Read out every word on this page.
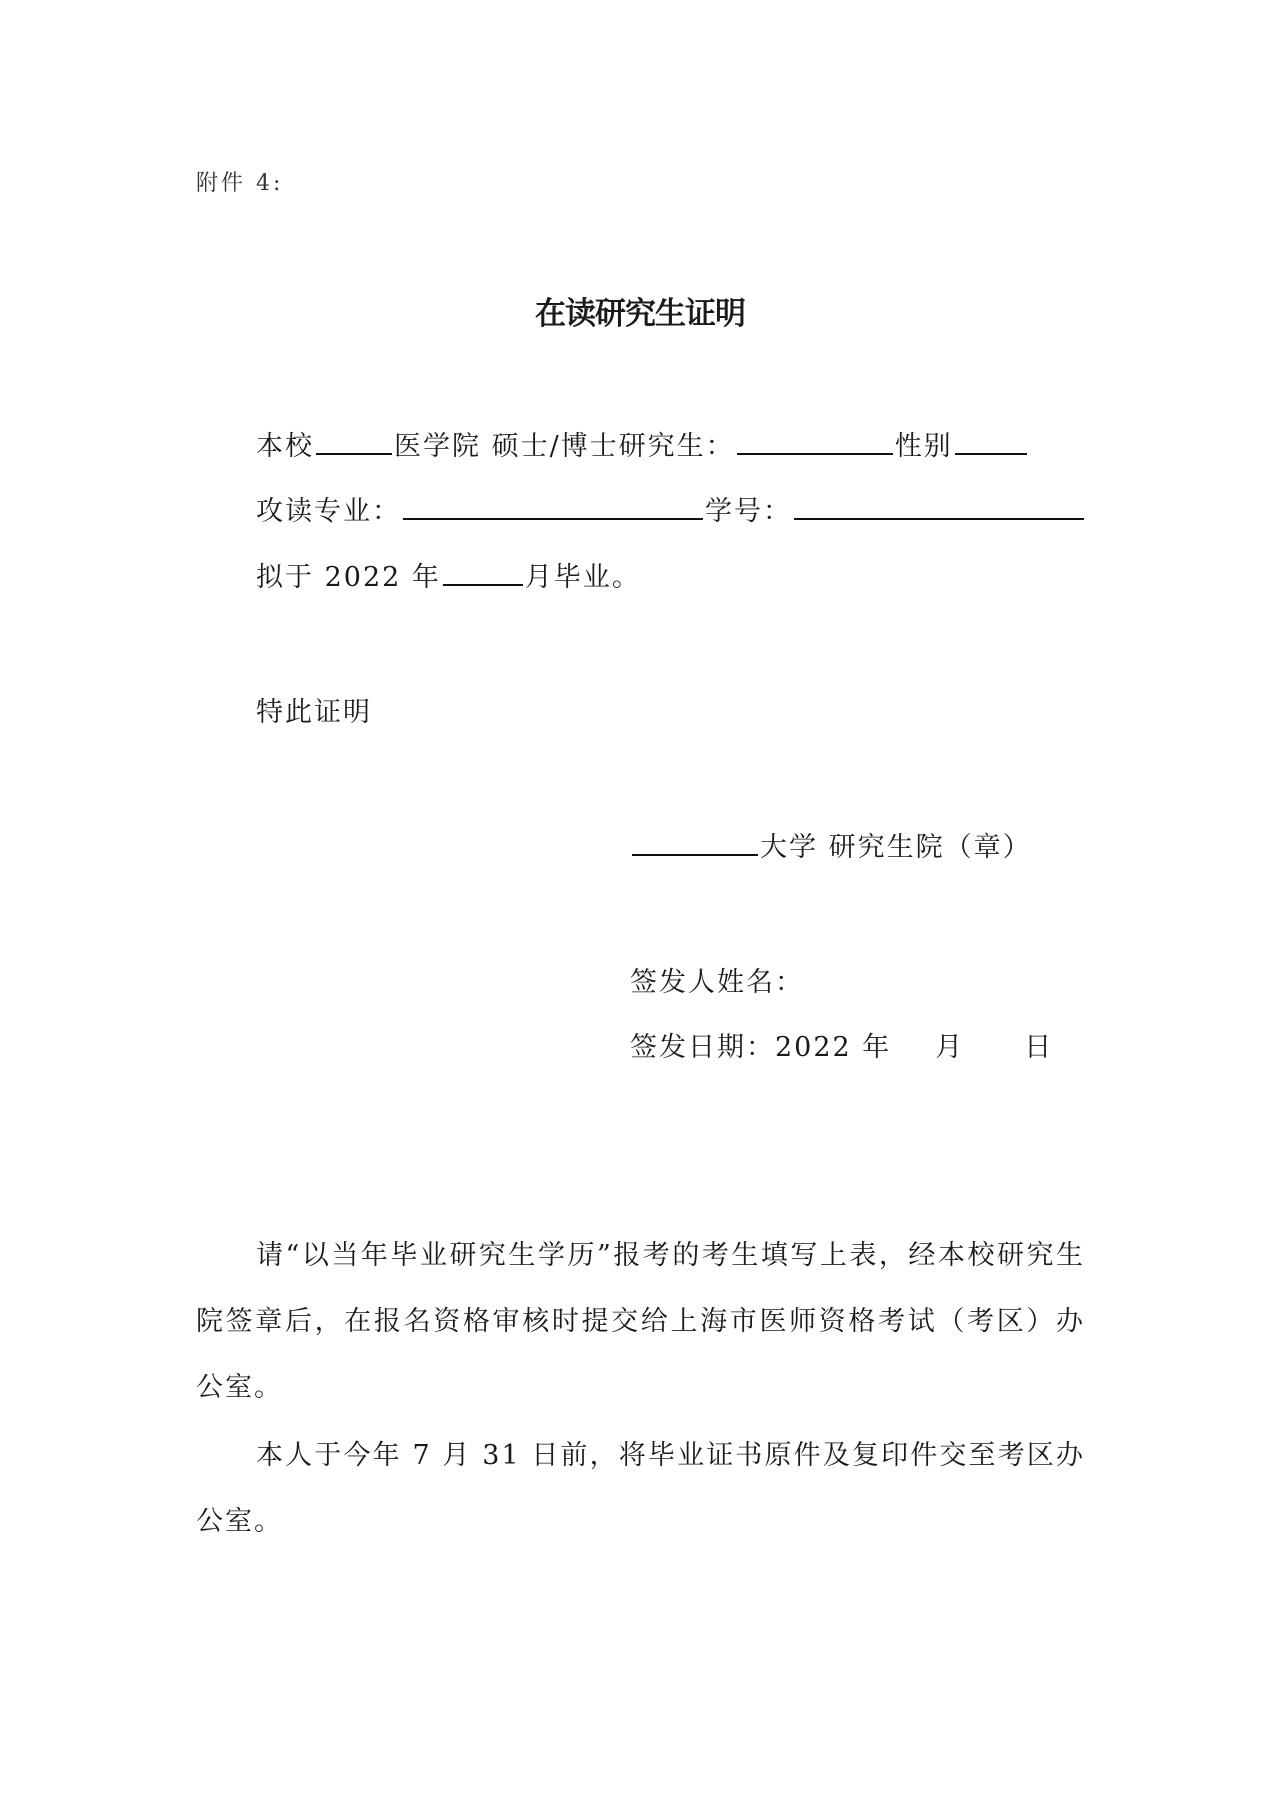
附件 4:
在读研究生证明
本校	医学院 硕士/博士研究生：	性别
攻读专业：	学号：
拟于 2022 年	月毕业。
特此证明
大学 研究生院（章）
签发人姓名：
签发日期：2022 年 月 日
请“以当年毕业研究生学历”报考的考生填写上表，经本校研究生院签章后，在报名资格审核时提交给上海市医师资格考试（考区）办公室。
本人于今年 7 月 31 日前，将毕业证书原件及复印件交至考区办公室。
